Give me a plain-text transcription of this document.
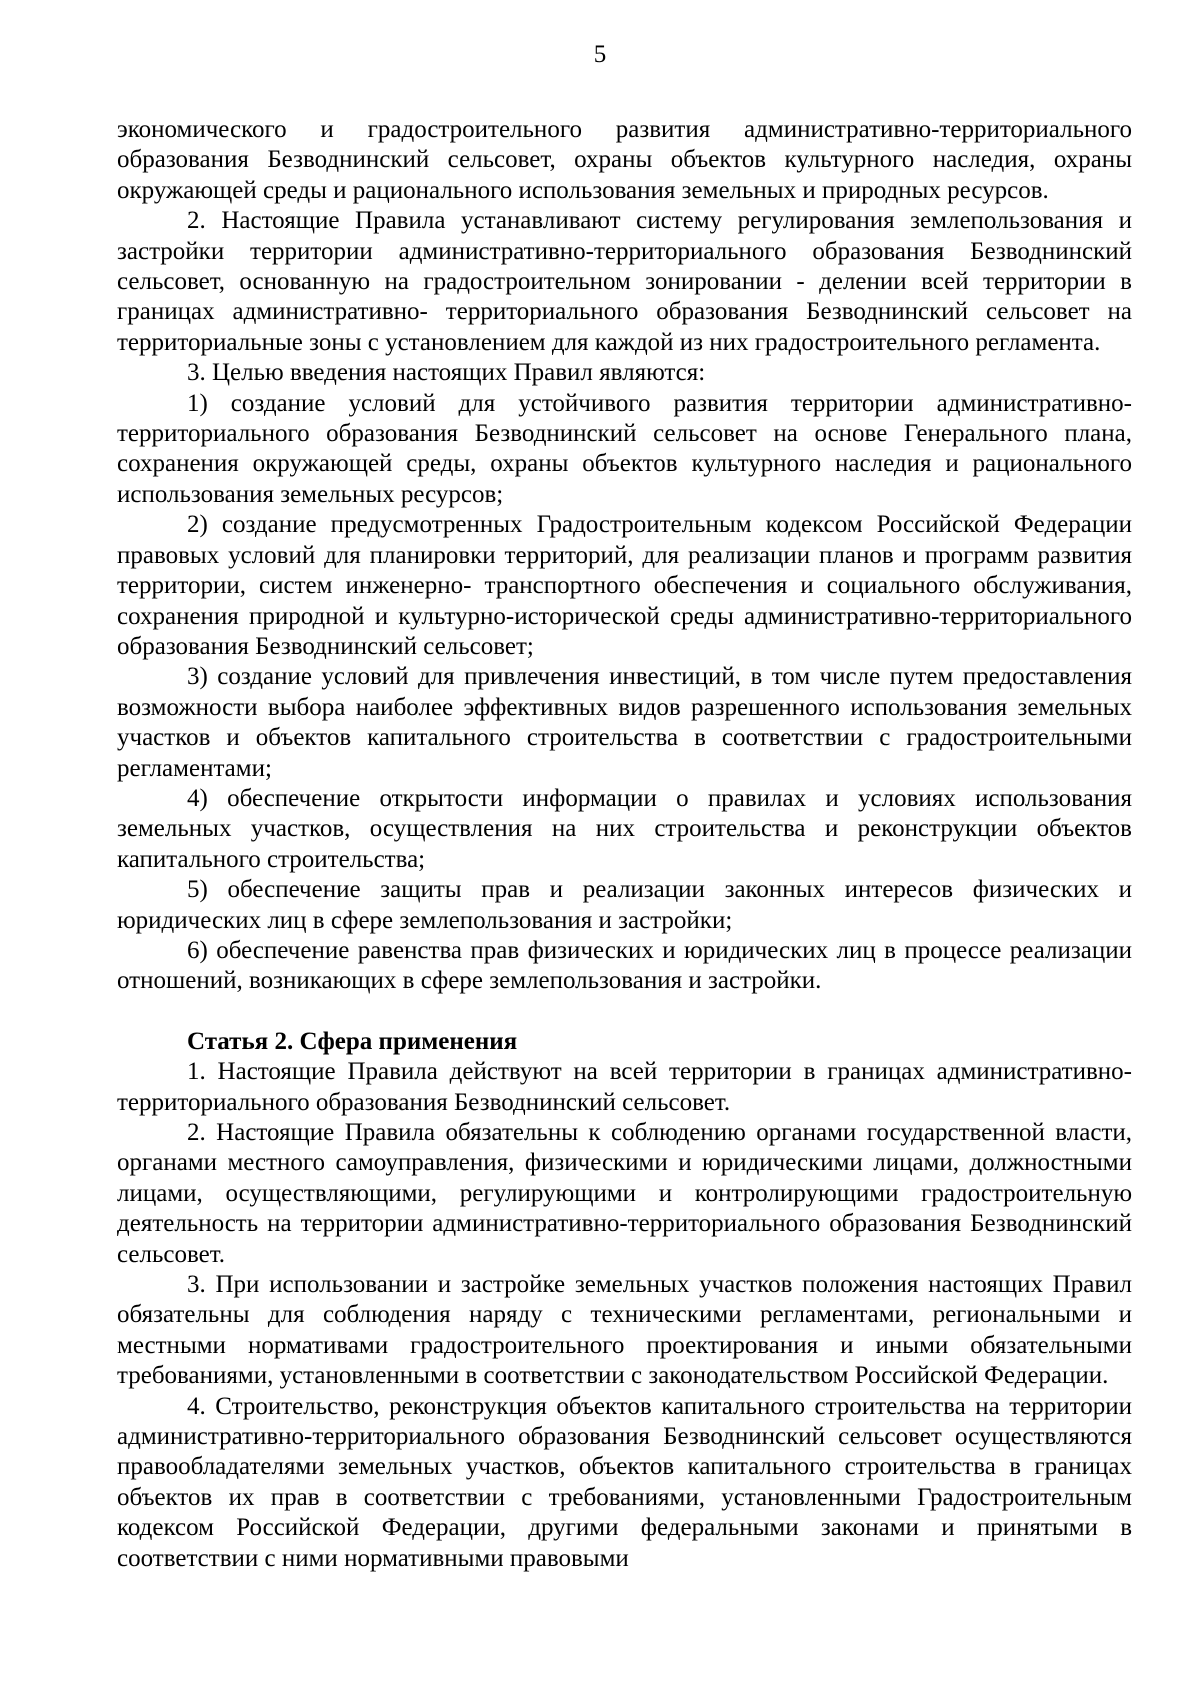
5

экономического и градостроительного развития административно-территориального образования Безводнинский сельсовет, охраны объектов культурного наследия, охраны окружающей среды и рационального использования земельных и природных ресурсов.

2. Настоящие Правила устанавливают систему регулирования землепользования и застройки территории административно-территориального образования Безводнинский сельсовет, основанную на градостроительном зонировании - делении всей территории в границах административно- территориального образования Безводнинский сельсовет на территориальные зоны с установлением для каждой из них градостроительного регламента.

3. Целью введения настоящих Правил являются:

1) создание условий для устойчивого развития территории административно-территориального образования Безводнинский сельсовет на основе Генерального плана, сохранения окружающей среды, охраны объектов культурного наследия и рационального использования земельных ресурсов;

2) создание предусмотренных Градостроительным кодексом Российской Федерации правовых условий для планировки территорий, для реализации планов и программ развития территории, систем инженерно- транспортного обеспечения и социального обслуживания, сохранения природной и культурно-исторической среды административно-территориального образования Безводнинский сельсовет;

3) создание условий для привлечения инвестиций, в том числе путем предоставления возможности выбора наиболее эффективных видов разрешенного использования земельных участков и объектов капитального строительства в соответствии с градостроительными регламентами;

4) обеспечение открытости информации о правилах и условиях использования земельных участков, осуществления на них строительства и реконструкции объектов капитального строительства;

5) обеспечение защиты прав и реализации законных интересов физических и юридических лиц в сфере землепользования и застройки;

6) обеспечение равенства прав физических и юридических лиц в процессе реализации отношений, возникающих в сфере землепользования и застройки.

Статья 2. Сфера применения

1. Настоящие Правила действуют на всей территории в границах административно-территориального образования Безводнинский сельсовет.

2. Настоящие Правила обязательны к соблюдению органами государственной власти, органами местного самоуправления, физическими и юридическими лицами, должностными лицами, осуществляющими, регулирующими и контролирующими градостроительную деятельность на территории административно-территориального образования Безводнинский сельсовет.

3. При использовании и застройке земельных участков положения настоящих Правил обязательны для соблюдения наряду с техническими регламентами, региональными и местными нормативами градостроительного проектирования и иными обязательными требованиями, установленными в соответствии с законодательством Российской Федерации.

4. Строительство, реконструкция объектов капитального строительства на территории административно-территориального образования Безводнинский сельсовет осуществляются правообладателями земельных участков, объектов капитального строительства в границах объектов их прав в соответствии с требованиями, установленными Градостроительным кодексом Российской Федерации, другими федеральными законами и принятыми в соответствии с ними нормативными правовыми
